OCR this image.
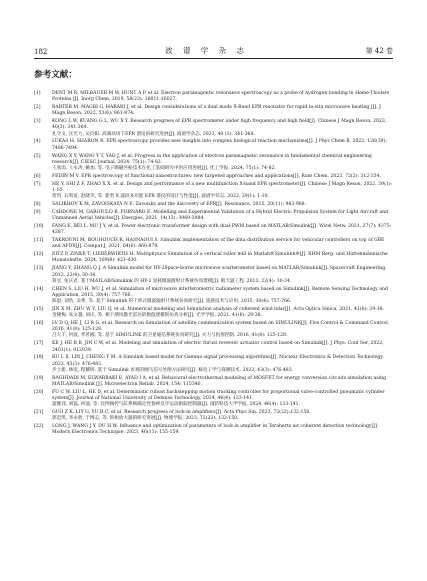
182	波 谱 学 杂 志	第 42 卷
参考文献：
[1]	DENT M R, MILBAUER M W, HUNT A P, et al. Electron paramagnetic resonance spectroscopy as a probe of hydrogen bonding in Heme-Thiolate Proteins [J]. Inorg Chem, 2019, 58(23): 16011-16027.
[2]	BARTER M, MAGRI G, HARARI J, et al. Design considerations of a dual mode X-Band EPR resonator for rapid in-situ microwave heating [J]. J Magn Reson, 2022, 53(6): 861-874.
[3]	KONG L W, KUANG G L, WU X Y. Research progress of EPR spectrometer under high frequency and high field[J]. Chinese J Magn Reson, 2023, 40(3): 341-364.
孔令文, 匡光力, 吴向阳. 高频高场下EPR 谱仪的研究进展[J]. 波谱学杂志, 2023, 40 (3): 341-364.
[4]	LUKAS H, SHARON R. EPR spectroscopy provides new insights into complex biological reaction mechanisms[J]. J Phys Chem B, 2022, 126(39): 7486-7494.
[5]	WANG X Y, WANG Y T, YAO J, et al. Progress in the application of electron paramagnetic resonance in fundamental chemical engineering research[J]. CIESC Journal, 2024, 75(1): 74-82.
王欣雨, 王永涛, 姚加, 等. 电子顺磁共振技术在化工基础研究中的应用进展[J]. 化工学报, 2024, 75(1): 74-82.
[6]	FEDIN M V. EPR spectroscopy of functional nanostructures: new targeted approaches and applications[J]. Russ Chem, 2023, 72(2): 312-334.
[7]	HE Y, SHI Z F, ZHAO X X, et al. Design and performance of a new multifunction X-band EPR spectrometer[J]. Chinese J Magn Reson, 2022, 39(1): 1-10.
贺玥, 石致富, 赵晓笑, 等. 新型 X 波段多功能 EPR 谱仪的设计与性能[J]. 波谱学杂志, 2022, 39(1): 1-10.
[8]	SALIKHOV K M, ZAVOISKAYA N E. Zavoisky and the discovery of EPR[J]. Resonance, 2015, 20(11): 963-968.
[9]	CARDONE M, GARGIULO B, FORNARO E. Modelling and Experimental Validation of a Hybrid Electric Propulsion System for Light Aircraft and Unmanned Aerial Vehicles[J]. Energies, 2021, 14(13): 3969-3984.
[10]	FANG E, BEI L, MU J Y, et al. Power electronic transformer design with dual-PWM based on MATLAB/Simulink[J]. Wirel Netw, 2021, 27(7): 4375-4387.
[11]	TAKROUNI M, BOUHOUCH R, HASNAOUI S. Simulink implementation of the data distribution service for vehicular controllers on top of GBE and AFDX[J]. Comput J, 2021, 64(6): 860-879.
[12]	EITZ P, ZINKE T, LIEBERWIRTH H. Multiphysics Simulation of a vertical roller mill in Matlab®Simulink®[J]. BHM Berg- und Hüttenmännische Monatshefte, 2024, 169(8): 421-430.
[13]	JIANG Y, ZHANG Q J. A Simulink model for HY-2Space-borne microwave scatterometer based on MATLAB/Simulink[J]. Spacecraft Engineering, 2013, 22(4): 30-34.
蒋昱, 张庆君. 基于MATLAB/Simulink 的 HY-2 星载微波散射计系统仿真建模[J]. 航天器工程, 2013, 22(4): 30-34.
[14]	CHEN S, LIU H, WU J, et al. Simulation of microwave interferometric radiometer system based on Simulink[J]. Remote Sensing Technology and Application, 2015, 30(4): 757-766.
陈思, 刘浩, 吴季, 等. 基于 Simulink 的干涉式微波辐射计系统仿真研究[J]. 遥感技术与应用, 2015, 30(4): 757-766.
[15]	JIN X M, ZHU W Y, LIU Q, et al. Numerical modeling and Simulation analysis of coherent wind lidar[J]. Acta Optica Sinica, 2021, 41(6): 29-38.
金晓梅, 朱文越, 刘庆, 等. 相干测风激光雷达的数值建模和仿真分析[J]. 光学学报, 2021, 41(6): 29-38.
[16]	LV D Q, HE J, LI R G, et al. Research on Simulation of satellite communication system based on SIMULINK[J]. Fire Control & Command Control, 2016, 41(8): 125-128.
吕大千, 何波, 李茗刚, 等. 基于 SIMULINK 的卫星通信系统仿真研究[J]. 火力与指挥控制, 2016, 41(8): 125-128.
[17]	KE J, HE B B, JIN C W, et al. Modeling and simulation of electric thrust reverser actuator control based on Simulink[J]. J Phys: Conf Ser, 2022, 2401(1): 012039.
[18]	BU L X, LIN J, CHENG Y M. A Simulink based model for Gamma signal processing algorithms[J]. Nuclear Electronics & Detection Technology, 2023, 43(3): 476-483.
步立新, 林奕, 程耀明. 基于 Simulink 仿真的伽马信号处理方法研究[J]. 核电子学与探测技术, 2023, 43(3): 476-483.
[19]	BAGHDADI M, ELWARRAKI E, AYAD I A, et al. Behavioral electrothermal modeling of MOSFET for energy conversion circuits simulation using MATLAB/Simulink [J]. Microelectron Reliab, 2024, 154: 115340.
[20]	FU C W, LIU L, HE D, et al. Deterministic robust backstepping motion tracking controller for proportional valve-controlled pneumatic cylinder system[J]. Journal of National University of Defense Technology, 2024, 46(4): 133-141.
浦雅玮, 刘磊, 何迪, 等. 比例阀控气缸系统确定性鲁棒反步运动跟踪控制器[J]. 国防科技大学学报, 2024, 46(4): 133-141.
[21]	GUO Z K, LIY G, YU B C, et al. Research progress of lock-in amplifiers[J]. Acta Phys Sin, 2023, 72(22):132-150.
郭忠凯, 李永胜, 于博志, 等. 锁相放大器的研究进展[J]. 物理学报, 2023, 72(22): 132-150.
[22]	LONG J, WANG J Y, DU H W. Influence and optimization of parameters of lock-in amplifier in Terahertz air coherent detection technology[J]. Modern Electronics Technique, 2023, 46(11): 155-159.
